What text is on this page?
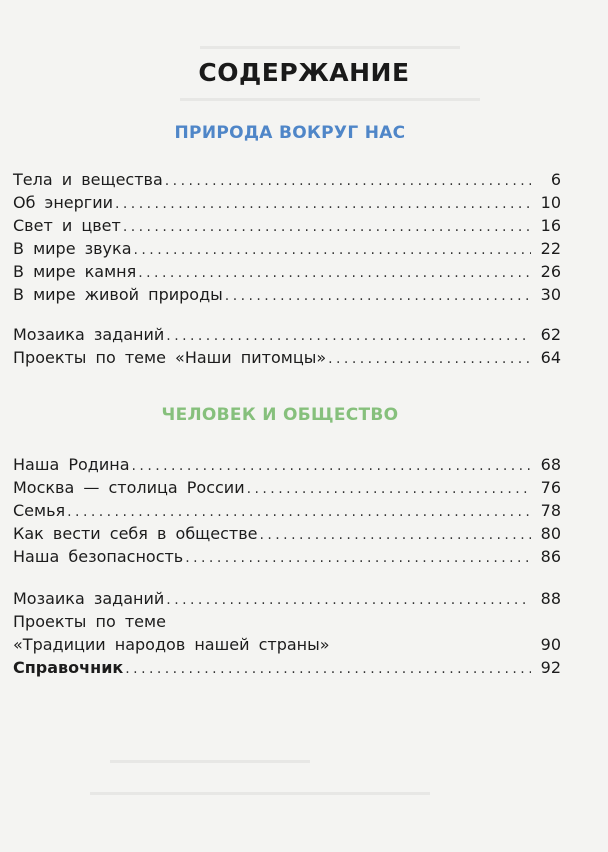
СОДЕРЖАНИЕ
ПРИРОДА ВОКРУГ НАС
Тела и вещества . . .	6
Об энергии . . .	10
Свет и цвет . . .	16
В мире звука . . .	22
В мире камня . . .	26
В мире живой природы . . .	30
Мозаика заданий . . .	62
Проекты по теме «Наши питомцы» . . .	64
ЧЕЛОВЕК И ОБЩЕСТВО
Наша Родина . . .	68
Москва — столица России . . .	76
Семья . . .	78
Как вести себя в обществе . . .	80
Наша безопасность . . .	86
Мозаика заданий . . .	88
Проекты по теме
«Традиции народов нашей страны»	90
Справочник . . .	92
